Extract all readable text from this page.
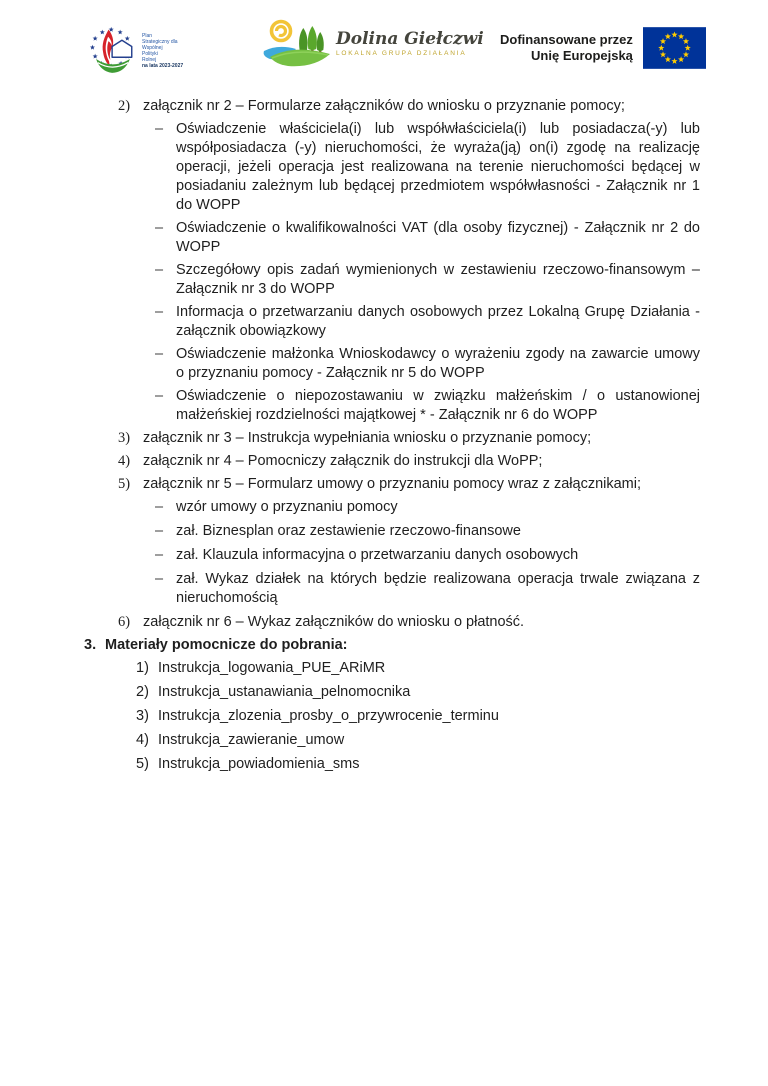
Plan
Strategiczny dla
Wspólnej
Polityki
Rolnej
na lata 2023-2027
Dolina Giełczwi
LOKALNA GRUPA DZIAŁANIA
Dofinansowane przez
Unię Europejską
2) załącznik nr 2 – Formularze załączników do wniosku o przyznanie pomocy;
– Oświadczenie właściciela(i) lub współwłaściciela(i) lub posiadacza(-y) lub współposiadacza (-y) nieruchomości, że wyraża(ją) on(i) zgodę na realizację operacji, jeżeli operacja jest realizowana na terenie nieruchomości będącej w posiadaniu zależnym lub będącej przedmiotem współwłasności - Załącznik nr 1 do WOPP
– Oświadczenie o kwalifikowalności VAT (dla osoby fizycznej) - Załącznik nr 2 do WOPP
– Szczegółowy opis zadań wymienionych w zestawieniu rzeczowo-finansowym – Załącznik nr 3 do WOPP
– Informacja o przetwarzaniu danych osobowych przez Lokalną Grupę Działania - załącznik obowiązkowy
– Oświadczenie małżonka Wnioskodawcy o wyrażeniu zgody na zawarcie umowy o przyznaniu pomocy - Załącznik nr 5 do WOPP
– Oświadczenie o niepozostawaniu w związku małżeńskim / o ustanowionej małżeńskiej rozdzielności majątkowej * - Załącznik nr 6 do WOPP
3) załącznik nr 3 – Instrukcja wypełniania wniosku o przyznanie pomocy;
4) załącznik nr 4 – Pomocniczy załącznik do instrukcji dla WoPP;
5) załącznik nr 5 – Formularz umowy o przyznaniu pomocy wraz z załącznikami;
– wzór umowy o przyznaniu pomocy
– zał. Biznesplan oraz zestawienie rzeczowo-finansowe
– zał. Klauzula informacyjna o przetwarzaniu danych osobowych
– zał. Wykaz działek na których będzie realizowana operacja trwale związana z nieruchomością
6) załącznik nr 6 – Wykaz załączników do wniosku o płatność.
3. Materiały pomocnicze do pobrania:
1) Instrukcja_logowania_PUE_ARiMR
2) Instrukcja_ustanawiania_pelnomocnika
3) Instrukcja_zlozenia_prosby_o_przywrocenie_terminu
4) Instrukcja_zawieranie_umow
5) Instrukcja_powiadomienia_sms
